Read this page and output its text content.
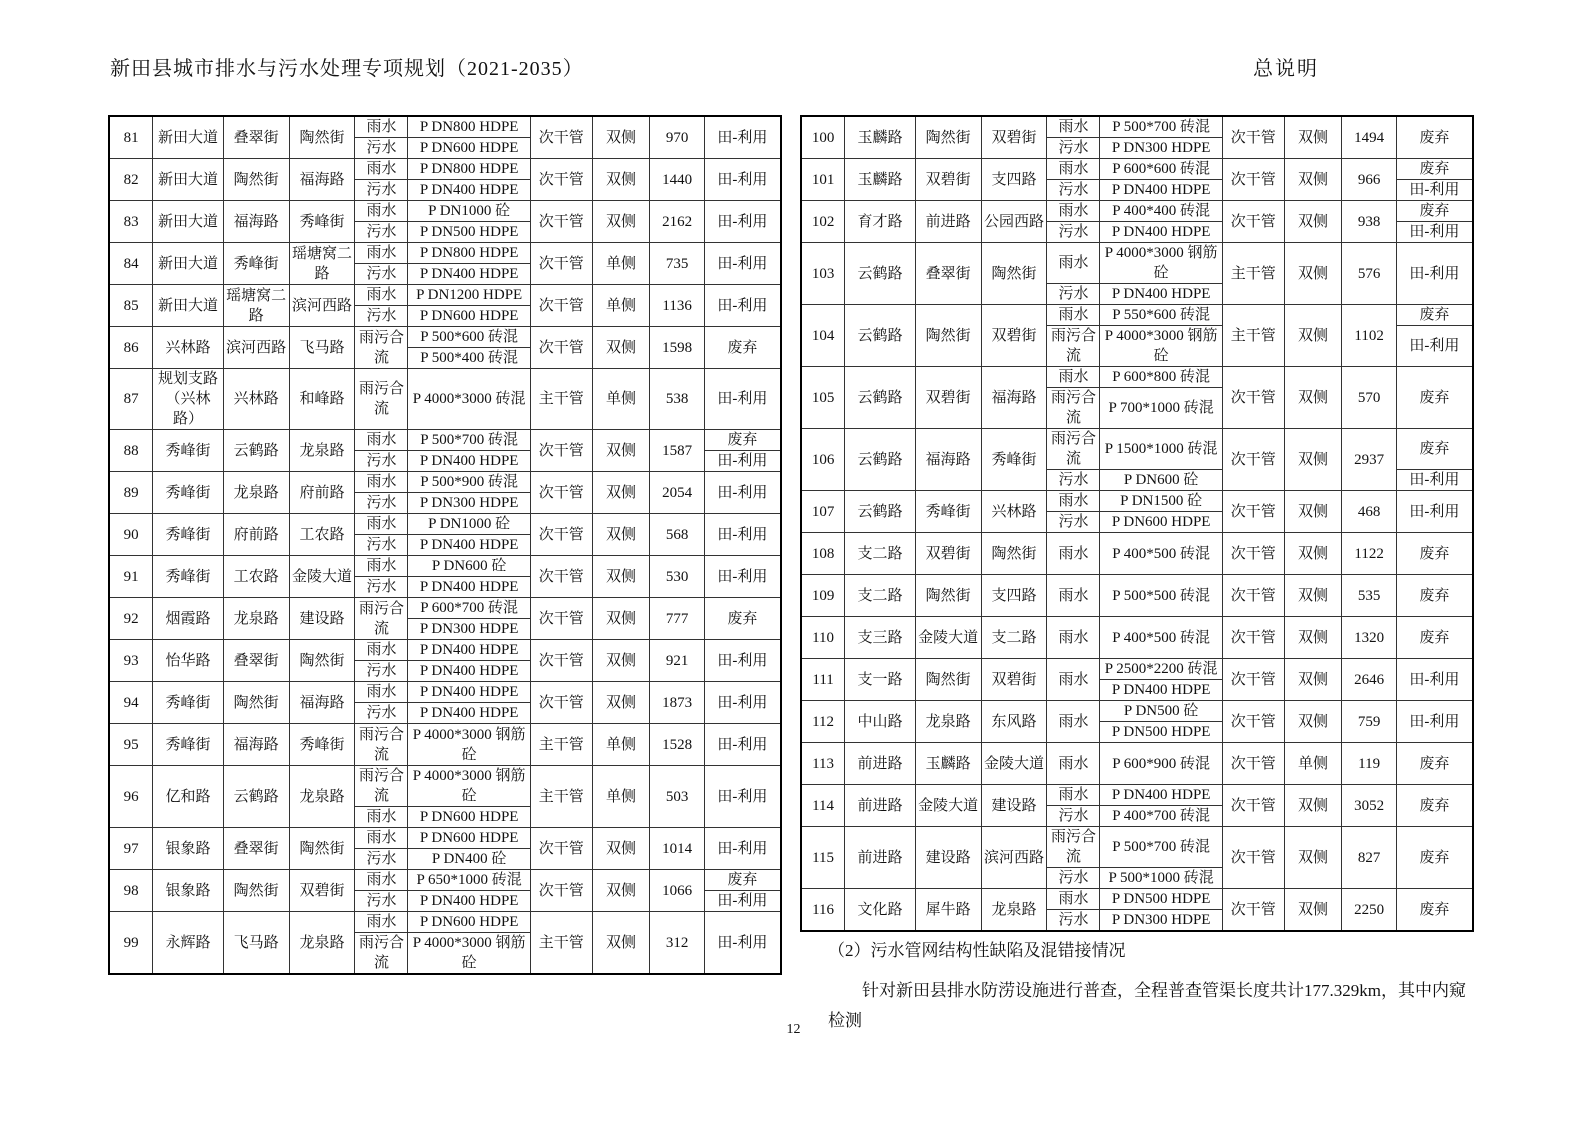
新田县城市排水与污水处理专项规划（2021-2035）	总说明
81	新田大道	叠翠街	陶然街	雨水	P DN800 HDPE	次干管	双侧	970	田-利用
				污水	P DN600 HDPE				
82	新田大道	陶然街	福海路	雨水	P DN800 HDPE	次干管	双侧	1440	田-利用
				污水	P DN400 HDPE				
83	新田大道	福海路	秀峰街	雨水	P DN1000 砼	次干管	双侧	2162	田-利用
				污水	P DN500 HDPE				
84	新田大道	秀峰街	瑶塘窝二路	雨水	P DN800 HDPE	次干管	单侧	735	田-利用
				污水	P DN400 HDPE				
85	新田大道	瑶塘窝二路	滨河西路	雨水	P DN1200 HDPE	次干管	单侧	1136	田-利用
				污水	P DN600 HDPE				
86	兴林路	滨河西路	飞马路	雨污合流	P 500*600 砖混	次干管	双侧	1598	废弃
					P 500*400 砖混				
87	规划支路（兴林路）	兴林路	和峰路	雨污合流	P 4000*3000 砖混	主干管	单侧	538	田-利用
88	秀峰街	云鹤路	龙泉路	雨水	P 500*700 砖混	次干管	双侧	1587	废弃
				污水	P DN400 HDPE				田-利用
89	秀峰街	龙泉路	府前路	雨水	P 500*900 砖混	次干管	双侧	2054	田-利用
				污水	P DN300 HDPE				
90	秀峰街	府前路	工农路	雨水	P DN1000 砼	次干管	双侧	568	田-利用
				污水	P DN400 HDPE				
91	秀峰街	工农路	金陵大道	雨水	P DN600 砼	次干管	双侧	530	田-利用
				污水	P DN400 HDPE				
92	烟霞路	龙泉路	建设路	雨污合流	P 600*700 砖混	次干管	双侧	777	废弃
					P DN300 HDPE				
93	怡华路	叠翠街	陶然街	雨水	P DN400 HDPE	次干管	双侧	921	田-利用
				污水	P DN400 HDPE				
94	秀峰街	陶然街	福海路	雨水	P DN400 HDPE	次干管	双侧	1873	田-利用
				污水	P DN400 HDPE				
95	秀峰街	福海路	秀峰街	雨污合流	P 4000*3000 钢筋砼	主干管	单侧	1528	田-利用
96	亿和路	云鹤路	龙泉路	雨污合流	P 4000*3000 钢筋砼	主干管	单侧	503	田-利用
				雨水	P DN600 HDPE				
97	银象路	叠翠街	陶然街	雨水	P DN600 HDPE	次干管	双侧	1014	田-利用
				污水	P DN400 砼				
98	银象路	陶然街	双碧街	雨水	P 650*1000 砖混	次干管	双侧	1066	废弃
				污水	P DN400 HDPE				田-利用
99	永辉路	飞马路	龙泉路	雨水	P DN600 HDPE	主干管	双侧	312	田-利用
				雨污合流	P 4000*3000 钢筋砼				
100	玉麟路	陶然街	双碧街	雨水	P 500*700 砖混	次干管	双侧	1494	废弃
				污水	P DN300 HDPE				
101	玉麟路	双碧街	支四路	雨水	P 600*600 砖混	次干管	双侧	966	废弃
				污水	P DN400 HDPE				田-利用
102	育才路	前进路	公园西路	雨水	P 400*400 砖混	次干管	双侧	938	废弃
				污水	P DN400 HDPE				田-利用
103	云鹤路	叠翠街	陶然街	雨水	P 4000*3000 钢筋砼	主干管	双侧	576	田-利用
				污水	P DN400 HDPE				
104	云鹤路	陶然街	双碧街	雨水	P 550*600 砖混	主干管	双侧	1102	废弃
				雨污合流	P 4000*3000 钢筋砼				田-利用
105	云鹤路	双碧街	福海路	雨水	P 600*800 砖混	次干管	双侧	570	废弃
				雨污合流	P 700*1000 砖混				
106	云鹤路	福海路	秀峰街	雨污合流	P 1500*1000 砖混	次干管	双侧	2937	废弃
				污水	P DN600 砼				田-利用
107	云鹤路	秀峰街	兴林路	雨水	P DN1500 砼	次干管	双侧	468	田-利用
				污水	P DN600 HDPE				
108	支二路	双碧街	陶然街	雨水	P 400*500 砖混	次干管	双侧	1122	废弃
109	支二路	陶然街	支四路	雨水	P 500*500 砖混	次干管	双侧	535	废弃
110	支三路	金陵大道	支二路	雨水	P 400*500 砖混	次干管	双侧	1320	废弃
111	支一路	陶然街	双碧街	雨水	P 2500*2200 砖混	次干管	双侧	2646	田-利用
					P DN400 HDPE				
112	中山路	龙泉路	东风路	雨水	P DN500 砼	次干管	双侧	759	田-利用
					P DN500 HDPE				
113	前进路	玉麟路	金陵大道	雨水	P 600*900 砖混	次干管	单侧	119	废弃
114	前进路	金陵大道	建设路	雨水	P DN400 HDPE	次干管	双侧	3052	废弃
				污水	P 400*700 砖混				
115	前进路	建设路	滨河西路	雨污合流	P 500*700 砖混	次干管	双侧	827	废弃
				污水	P 500*1000 砖混				
116	文化路	犀牛路	龙泉路	雨水	P DN500 HDPE	次干管	双侧	2250	废弃
				污水	P DN300 HDPE				

（2）污水管网结构性缺陷及混错接情况

针对新田县排水防涝设施进行普查，全程普查管渠长度共计177.329km，其中内窥检测

12
